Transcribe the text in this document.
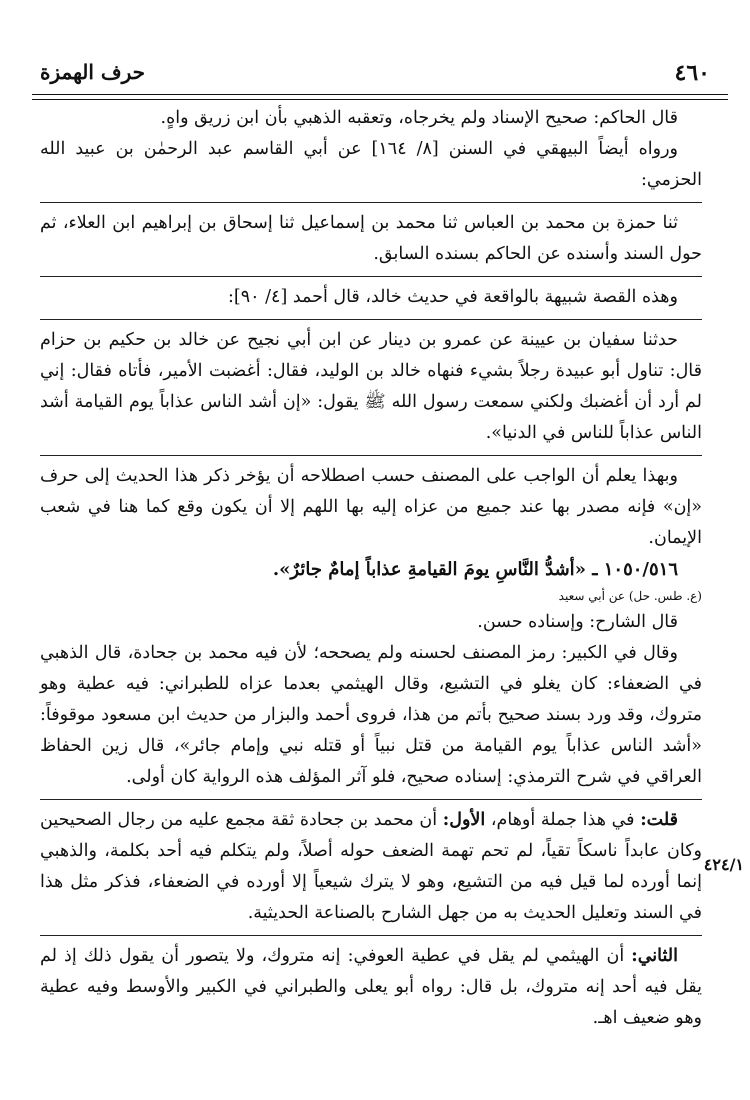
٤٦٠
حرف الهمزة
٤٢٤/١

قال الحاكم: صحيح الإسناد ولم يخرجاه، وتعقبه الذهبي بأن ابن زريق واهٍ.

ورواه أيضاً البيهقي في السنن [٨/ ١٦٤] عن أبي القاسم عبد الرحمٰن بن عبيد الله الحزمي:

ثنا حمزة بن محمد بن العباس ثنا محمد بن إسماعيل ثنا إسحاق بن إبراهيم ابن العلاء، ثم حول السند وأسنده عن الحاكم بسنده السابق.

وهذه القصة شبيهة بالواقعة في حديث خالد، قال أحمد [٤/ ٩٠]:

حدثنا سفيان بن عيينة عن عمرو بن دينار عن ابن أبي نجيح عن خالد بن حكيم بن حزام قال: تناول أبو عبيدة رجلاً بشيء فنهاه خالد بن الوليد، فقال: أغضبت الأمير، فأتاه فقال: إني لم أرد أن أغضبك ولكني سمعت رسول الله ﷺ يقول: «إن أشد الناس عذاباً يوم القيامة أشد الناس عذاباً للناس في الدنيا».

وبهذا يعلم أن الواجب على المصنف حسب اصطلاحه أن يؤخر ذكر هذا الحديث إلى حرف «إن» فإنه مصدر بها عند جميع من عزاه إليه بها اللهم إلا أن يكون وقع كما هنا في شعب الإيمان.

١٠٥٠/٥١٦ ـ «أشدُّ النَّاسِ يومَ القيامةِ عذاباً إمامٌ جائرٌ».

(ع. طس. حل) عن أبي سعيد

قال الشارح: وإسناده حسن.

وقال في الكبير: رمز المصنف لحسنه ولم يصححه؛ لأن فيه محمد بن جحادة، قال الذهبي في الضعفاء: كان يغلو في التشيع، وقال الهيثمي بعدما عزاه للطبراني: فيه عطية وهو متروك، وقد ورد بسند صحيح بأتم من هذا، فروى أحمد والبزار من حديث ابن مسعود موقوفاً: «أشد الناس عذاباً يوم القيامة من قتل نبياً أو قتله نبي وإمام جائر»، قال زين الحفاظ العراقي في شرح الترمذي: إسناده صحيح، فلو آثر المؤلف هذه الرواية كان أولى.

قلت: في هذا جملة أوهام، الأول: أن محمد بن جحادة ثقة مجمع عليه من رجال الصحيحين وكان عابداً ناسكاً تقياً، لم تحم تهمة الضعف حوله أصلاً، ولم يتكلم فيه أحد بكلمة، والذهبي إنما أورده لما قيل فيه من التشيع، وهو لا يترك شيعياً إلا أورده في الضعفاء، فذكر مثل هذا في السند وتعليل الحديث به من جهل الشارح بالصناعة الحديثية.

الثاني: أن الهيثمي لم يقل في عطية العوفي: إنه متروك، ولا يتصور أن يقول ذلك إذ لم يقل فيه أحد إنه متروك، بل قال: رواه أبو يعلى والطبراني في الكبير والأوسط وفيه عطية وهو ضعيف اهـ.
